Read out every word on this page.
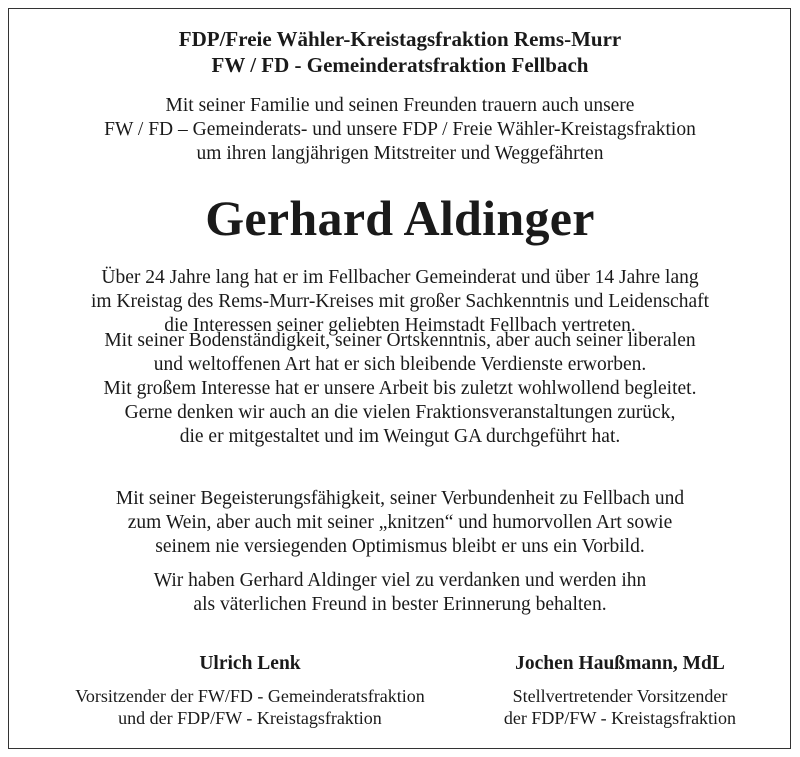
FDP/Freie Wähler-Kreistagsfraktion Rems-Murr
FW / FD - Gemeinderatsfraktion Fellbach
Mit seiner Familie und seinen Freunden trauern auch unsere
FW / FD – Gemeinderats- und unsere FDP / Freie Wähler-Kreistagsfraktion
um ihren langjährigen Mitstreiter und Weggefährten
Gerhard Aldinger
Über 24 Jahre lang hat er im Fellbacher Gemeinderat und über 14 Jahre lang
im Kreistag des Rems-Murr-Kreises mit großer Sachkenntnis und Leidenschaft
die Interessen seiner geliebten Heimstadt Fellbach vertreten.
Mit seiner Bodenständigkeit, seiner Ortskenntnis, aber auch seiner liberalen
und weltoffenen Art hat er sich bleibende Verdienste erworben.
Mit großem Interesse hat er unsere Arbeit bis zuletzt wohlwollend begleitet.
Gerne denken wir auch an die vielen Fraktionsveranstaltungen zurück,
die er mitgestaltet und im Weingut GA durchgeführt hat.
Mit seiner Begeisterungsfähigkeit, seiner Verbundenheit zu Fellbach und
zum Wein, aber auch mit seiner „knitzen“ und humorvollen Art sowie
seinem nie versiegenden Optimismus bleibt er uns ein Vorbild.
Wir haben Gerhard Aldinger viel zu verdanken und werden ihn
als väterlichen Freund in bester Erinnerung behalten.
Ulrich Lenk
Vorsitzender der FW/FD - Gemeinderatsfraktion
und der FDP/FW - Kreistagsfraktion
Jochen Haußmann, MdL
Stellvertretender Vorsitzender
der FDP/FW - Kreistagsfraktion
